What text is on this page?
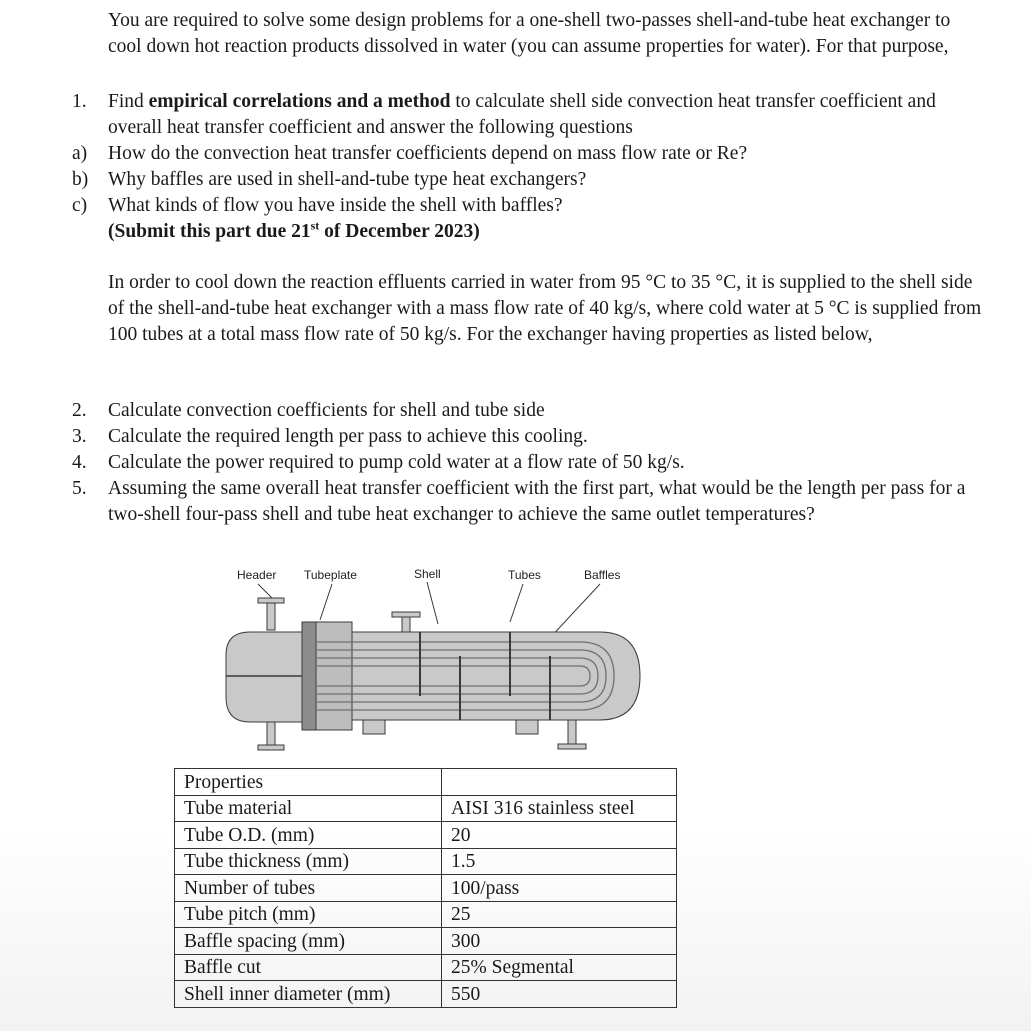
You are required to solve some design problems for a one-shell two-passes shell-and-tube heat exchanger to cool down hot reaction products dissolved in water (you can assume properties for water). For that purpose,
1.	Find empirical correlations and a method to calculate shell side convection heat transfer coefficient and overall heat transfer coefficient and answer the following questions
a)	How do the convection heat transfer coefficients depend on mass flow rate or Re?
b)	Why baffles are used in shell-and-tube type heat exchangers?
c)	What kinds of flow you have inside the shell with baffles?
(Submit this part due 21st of December 2023)
In order to cool down the reaction effluents carried in water from 95 °C to 35 °C, it is supplied to the shell side of the shell-and-tube heat exchanger with a mass flow rate of 40 kg/s, where cold water at 5 °C is supplied from 100 tubes at a total mass flow rate of 50 kg/s. For the exchanger having properties as listed below,
2.	Calculate convection coefficients for shell and tube side
3.	Calculate the required length per pass to achieve this cooling.
4.	Calculate the power required to pump cold water at a flow rate of 50 kg/s.
5.	Assuming the same overall heat transfer coefficient with the first part, what would be the length per pass for a two-shell four-pass shell and tube heat exchanger to achieve the same outlet temperatures?
Header Tubeplate	Shell	Tubes	Baffles
Properties	
Tube material	AISI 316 stainless steel
Tube O.D. (mm)	20
Tube thickness (mm)	1.5
Number of tubes	100/pass
Tube pitch (mm)	25
Baffle spacing (mm)	300
Baffle cut	25% Segmental
Shell inner diameter (mm)	550
